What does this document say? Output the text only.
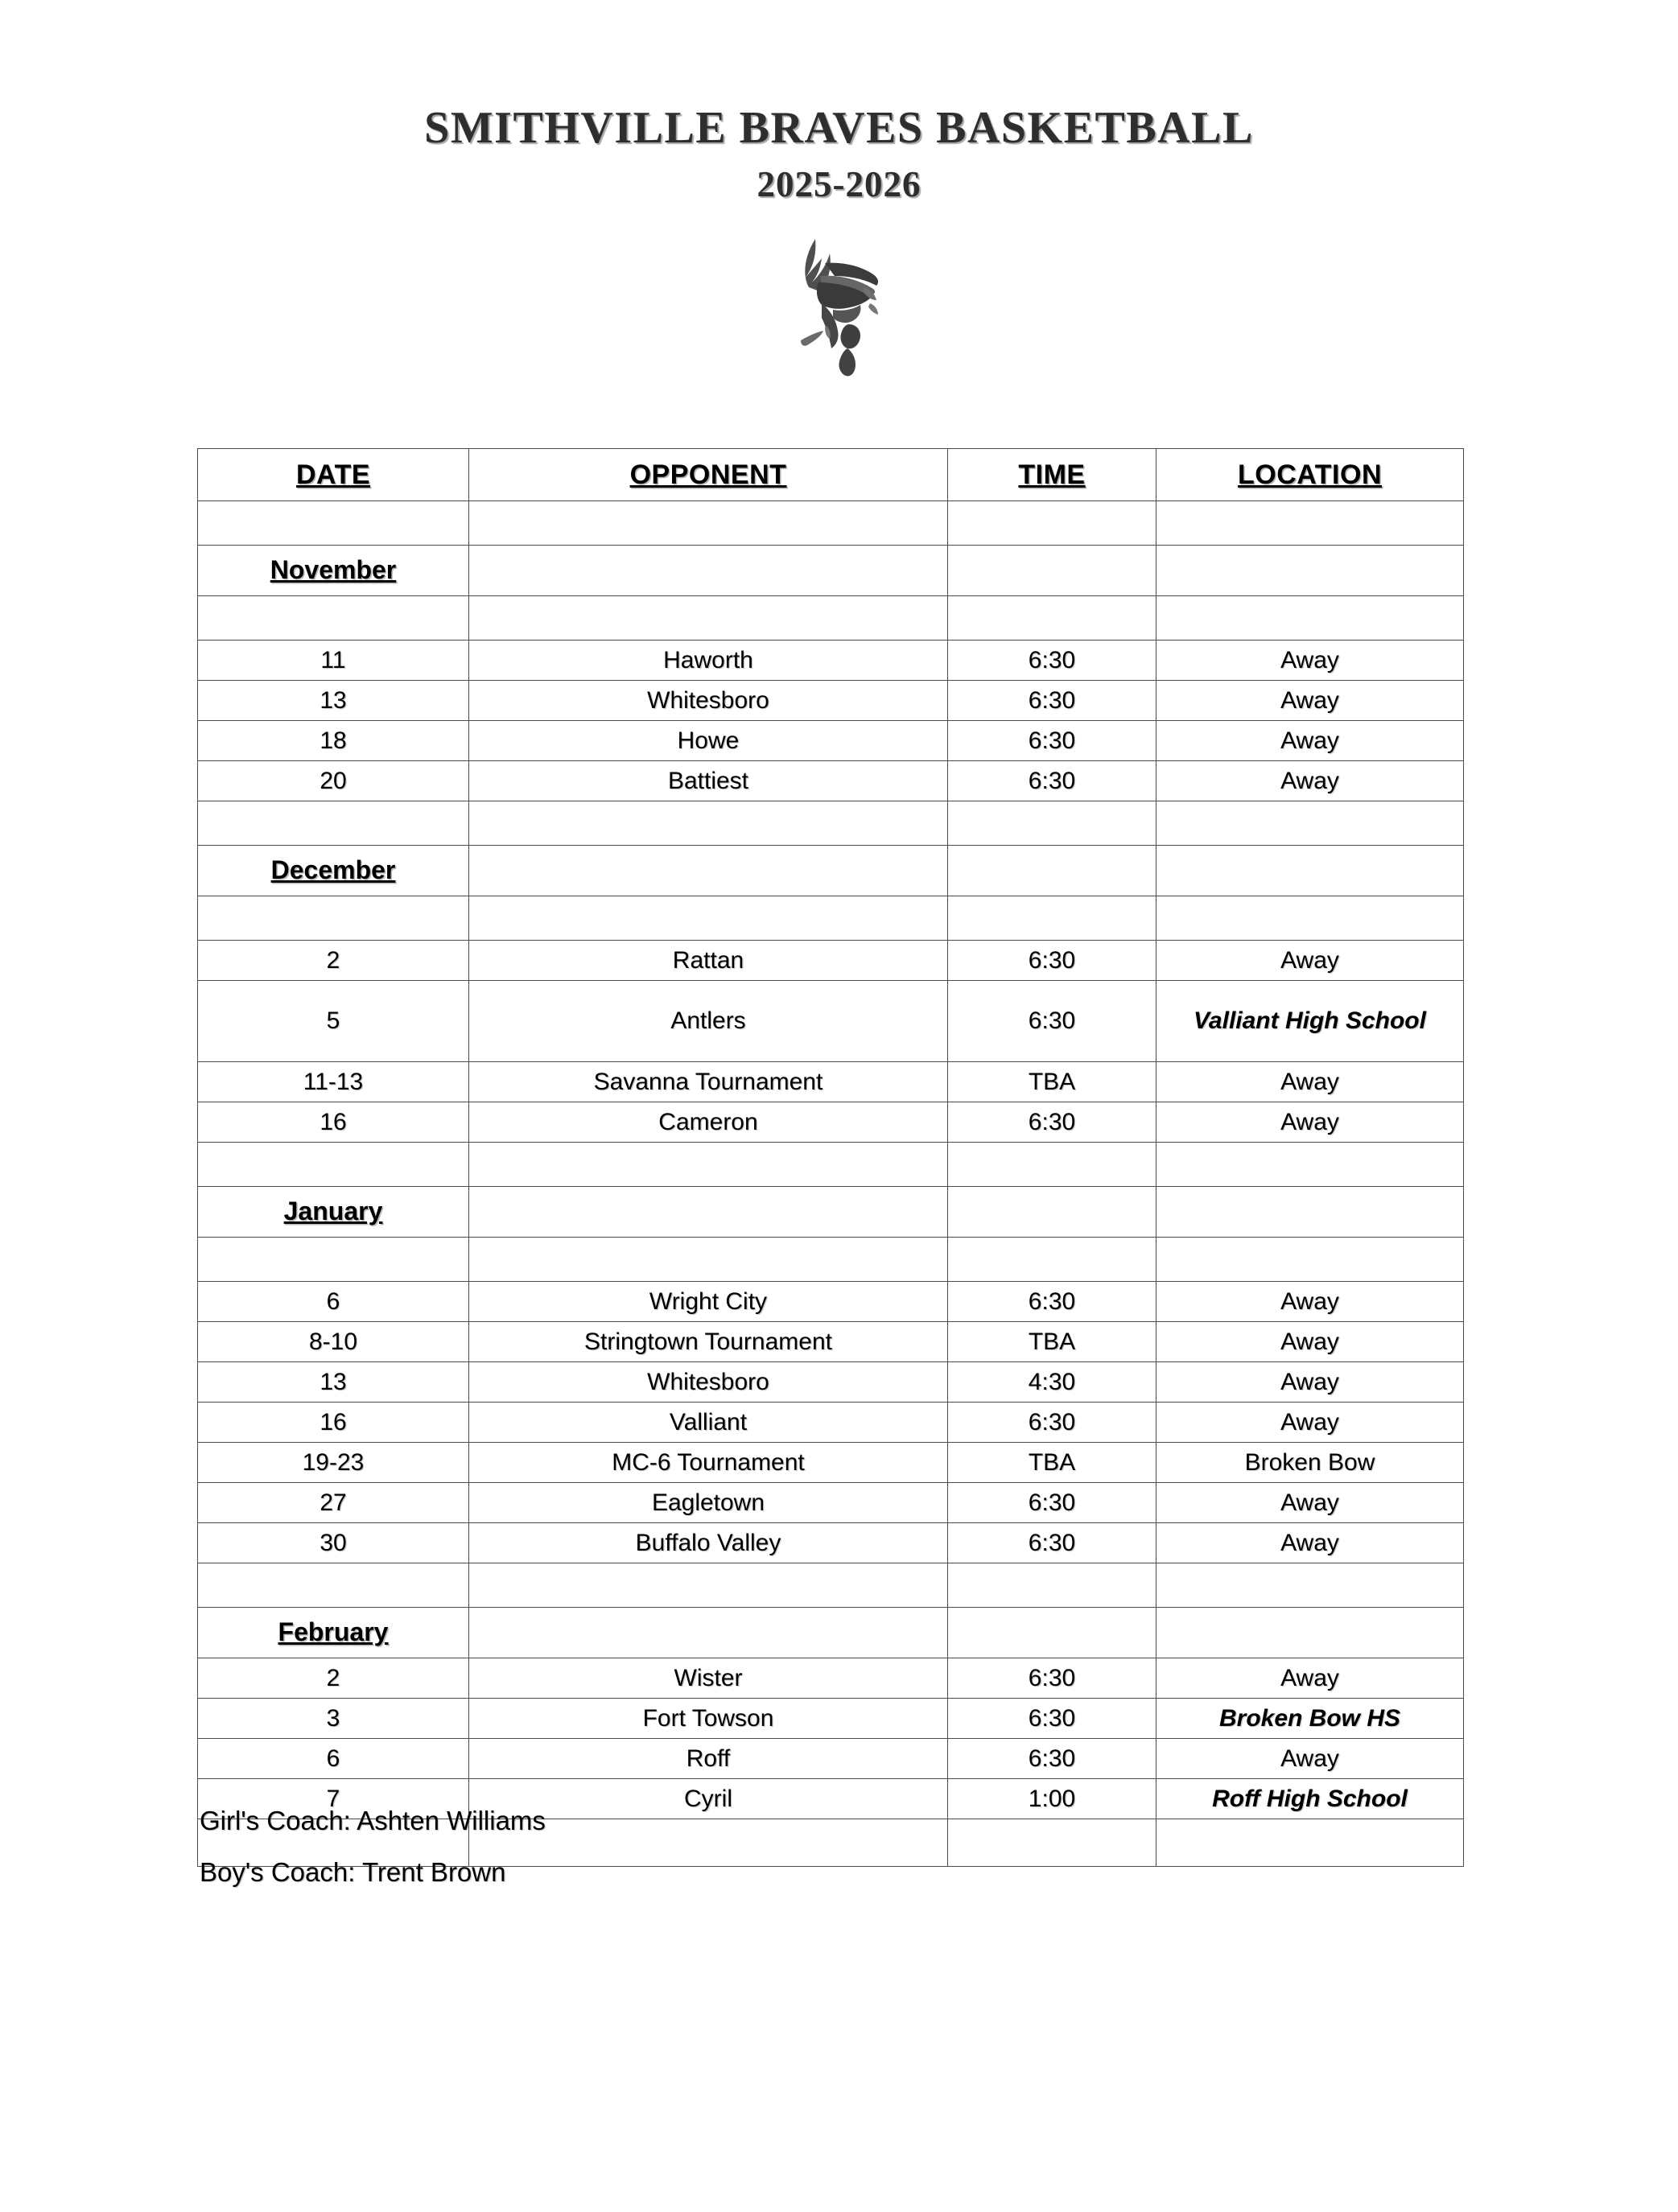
SMITHVILLE BRAVES BASKETBALL
2025-2026
DATE	OPPONENT	TIME	LOCATION

November			

11	Haworth	6:30	Away
13	Whitesboro	6:30	Away
18	Howe	6:30	Away
20	Battiest	6:30	Away

December			

2	Rattan	6:30	Away
5	Antlers	6:30	Valliant High School
11-13	Savanna Tournament	TBA	Away
16	Cameron	6:30	Away

January			

6	Wright City	6:30	Away
8-10	Stringtown Tournament	TBA	Away
13	Whitesboro	4:30	Away
16	Valliant	6:30	Away
19-23	MC-6 Tournament	TBA	Broken Bow
27	Eagletown	6:30	Away
30	Buffalo Valley	6:30	Away

February			
2	Wister	6:30	Away
3	Fort Towson	6:30	Broken Bow HS
6	Roff	6:30	Away
7	Cyril	1:00	Roff High School

Girl's Coach: Ashten Williams
Boy's Coach: Trent Brown
